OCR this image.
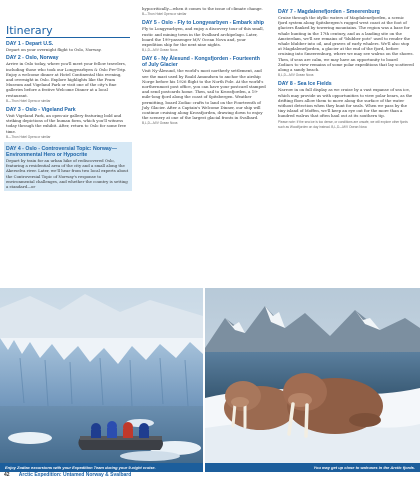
Itinerary
DAY 1 - Depart U.S.

Depart on your overnight flight to Oslo, Norway.

DAY 2 - Oslo, Norway

Arrive in Oslo today, where you'll meet your fellow travelers, including those who took our Longyearbyen & Oslo Pre-Trip. Enjoy a welcome dinner at Hotel Continental this evening, and overnight in Oslo. Explore highlights like the Fram Museum and Vigeland Park or visit one of the city's fine galleries before a festive Welcome Dinner at a local restaurant.

B—Thon Hotel Opera or similar
DAY 3 - Oslo - Vigeland Park

Visit Vigeland Park, an open-air gallery featuring bold and striking depictions of the human form, which you'll witness today through the exhibit. After, return to Oslo for some free time.

B—Thon Hotel Opera or similar
DAY 4 - Oslo - Controversial Topic: Norway—Environmental Hero or Hypocrite

Depart by train for an urban hike of rediscovered Oslo, featuring a residential area of the city and a small along the Akerselva river. Later, we'll hear from two local experts about the Controversial Topic of Norway's response to environmental challenges, and whether the country is setting a standard—or

hypocritically—when it comes to the issue of climate change.

B—Thon Hotel Opera or similar
DAY 5 - Oslo - Fly to Longyearbyen - Embark ship

Fly to Longyearbyen, and enjoy a discovery tour of this small, rustic and mining town in the Svalbard archipelago. Later, board the 199-passenger M/V Ocean Nova and, your expedition ship for the next nine nights.

B,L,D—M/V Ocean Nova
DAY 6 - Ny Ålesund - Kongsfjorden - Fourteenth of July Glacier

Visit Ny-Ålesund, the world's most northerly settlement, and see the mast used by Roald Amundsen to anchor the airship Norge before his 1926 flight to the North Pole. At the world's northernmost post office, you can have your postcard stamped and send postcards home. Then, sail to Krossfjorden, a 19-mile-long fjord along the coast of Spitsbergen. Weather permitting, board Zodiac crafts to land on the Fourteenth of July Glacier. After a Captain's Welcome Dinner, our ship will continue cruising along Krossfjorden, drawing down to enjoy the scenery at one of the largest glacial fronts in Svalbard.

B,L,D—M/V Ocean Nova
DAY 7 - Magdalenefjorden - Smeerenburg

Cruise through the idyllic waters of Magdalenefjorden, a scenic fjord system along Spitsbergen's rugged west coast at the foot of glaciers flanked by towering mountains. The region was a base for whale hunting in the 17th century, and as a landing site on the Amsterdam, we'll see remains of "blubber pots" used to render the whale blubber into oil, and graves of early whalers. We'll also stop at Magdalenefjorden, a glacier at the end of the fjord, before cruising into Smeerenburg, where we may see walrus on the shores. Then, if seas are calm, we may have an opportunity to board Zodiacs to view remains of some polar expeditions that lay scattered along a sandy beach.

B,L,D—M/V Ocean Nova
DAY 8 - Sea Ice Fields

Narrow in on full display as we cruise by a vast expanse of sea ice, which may provide us with opportunities to view polar bears, as the drifting floes allow them to move along the surface of the water without detection when they hunt for seals. When we pass by the tiny island of Moffen, we'll keep an eye out for the more than a hundred walrus that often haul out at its southern tip.

Please note: If the sea ice is too dense, or conditions are unsafe, we will explore other fjords such as Woodfjorden on day instead. B,L,D—M/V Ocean Nova
Enjoy Zodiac excursions with your Expedition Team during your 9-night cruise.	You may get up close to walruses in the Arctic fjords.
42 Arctic Expedition: Untamed Norway & Svalbard
